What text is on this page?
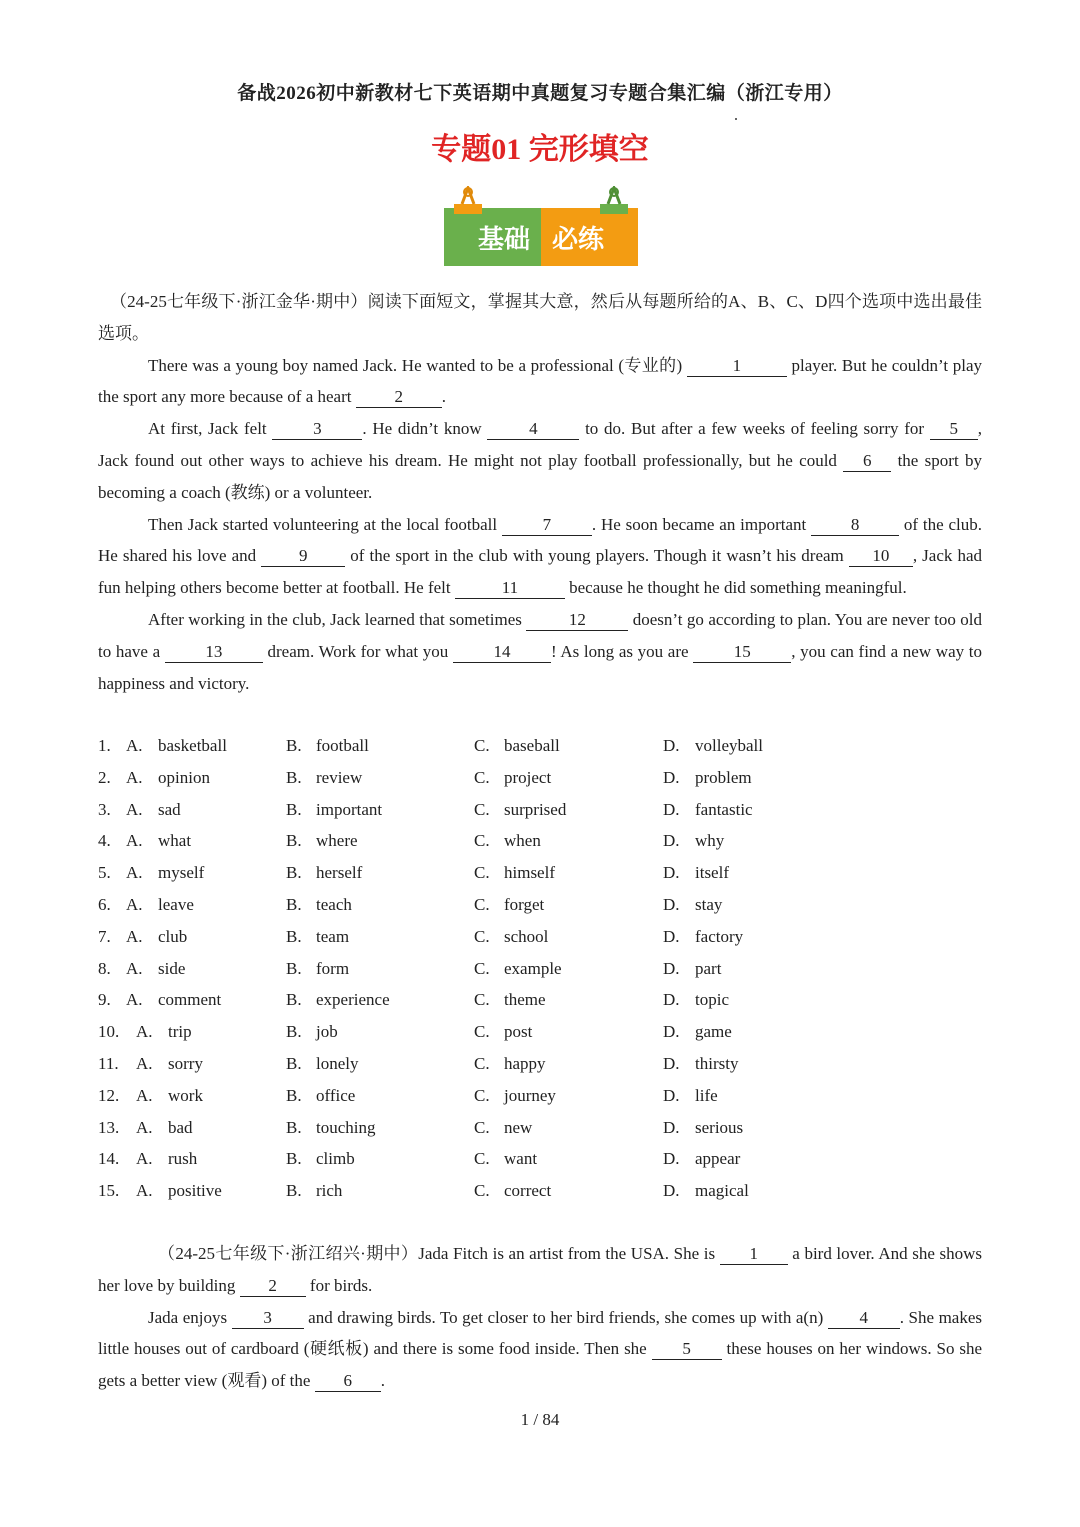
备战2026初中新教材七下英语期中真题复习专题合集汇编（浙江专用）
专题01 完形填空
基础 必练

（24-25七年级下·浙江金华·期中）阅读下面短文，掌握其大意，然后从每题所给的A、B、C、D四个选项中选出最佳选项。

There was a young boy named Jack. He wanted to be a professional (专业的)	1	player. But he couldn’t play the sport any more because of a heart 2 .

At first, Jack felt 3 . He didn’t know 4 to do. But after a few weeks of feeling sorry for 5 , Jack found out other ways to achieve his dream. He might not play football professionally, but he could 6 the sport by becoming a coach (教练) or a volunteer.

Then Jack started volunteering at the local football 7 . He soon became an important 8 of the club. He shared his love and 9 of the sport in the club with young players. Though it wasn’t his dream 10 , Jack had fun helping others become better at football. He felt	11	because he thought he did something meaningful.

After working in the club, Jack learned that sometimes	12	doesn’t go according to plan. You are never too old to have a 13 dream. Work for what you 14 ! As long as you are 15 , you can find a new way to happiness and victory.

1. A. basketball	B. football	C. baseball	D. volleyball
2. A. opinion	B. review	C. project	D. problem
3. A. sad	B. important	C. surprised	D. fantastic
4. A. what	B. where	C. when	D. why
5. A. myself	B. herself	C. himself	D. itself
6. A. leave	B. teach	C. forget	D. stay
7. A. club	B. team	C. school	D. factory
8. A. side	B. form	C. example	D. part
9. A. comment	B. experience	C. theme	D. topic
10. A. trip	B. job	C. post	D. game
11. A. sorry	B. lonely	C. happy	D. thirsty
12. A. work	B. office	C. journey	D. life
13. A. bad	B. touching	C. new	D. serious
14. A. rush	B. climb	C. want	D. appear
15. A. positive	B. rich	C. correct	D. magical

（24-25七年级下·浙江绍兴·期中）Jada Fitch is an artist from the USA. She is 1 a bird lover. And she shows her love by building 2 for birds.

Jada enjoys 3 and drawing birds. To get closer to her bird friends, she comes up with a(n) 4 . She makes little houses out of cardboard (硬纸板) and there is some food inside. Then she 5 these houses on her windows. So she gets a better view (观看) of the 6 .

1 / 84
